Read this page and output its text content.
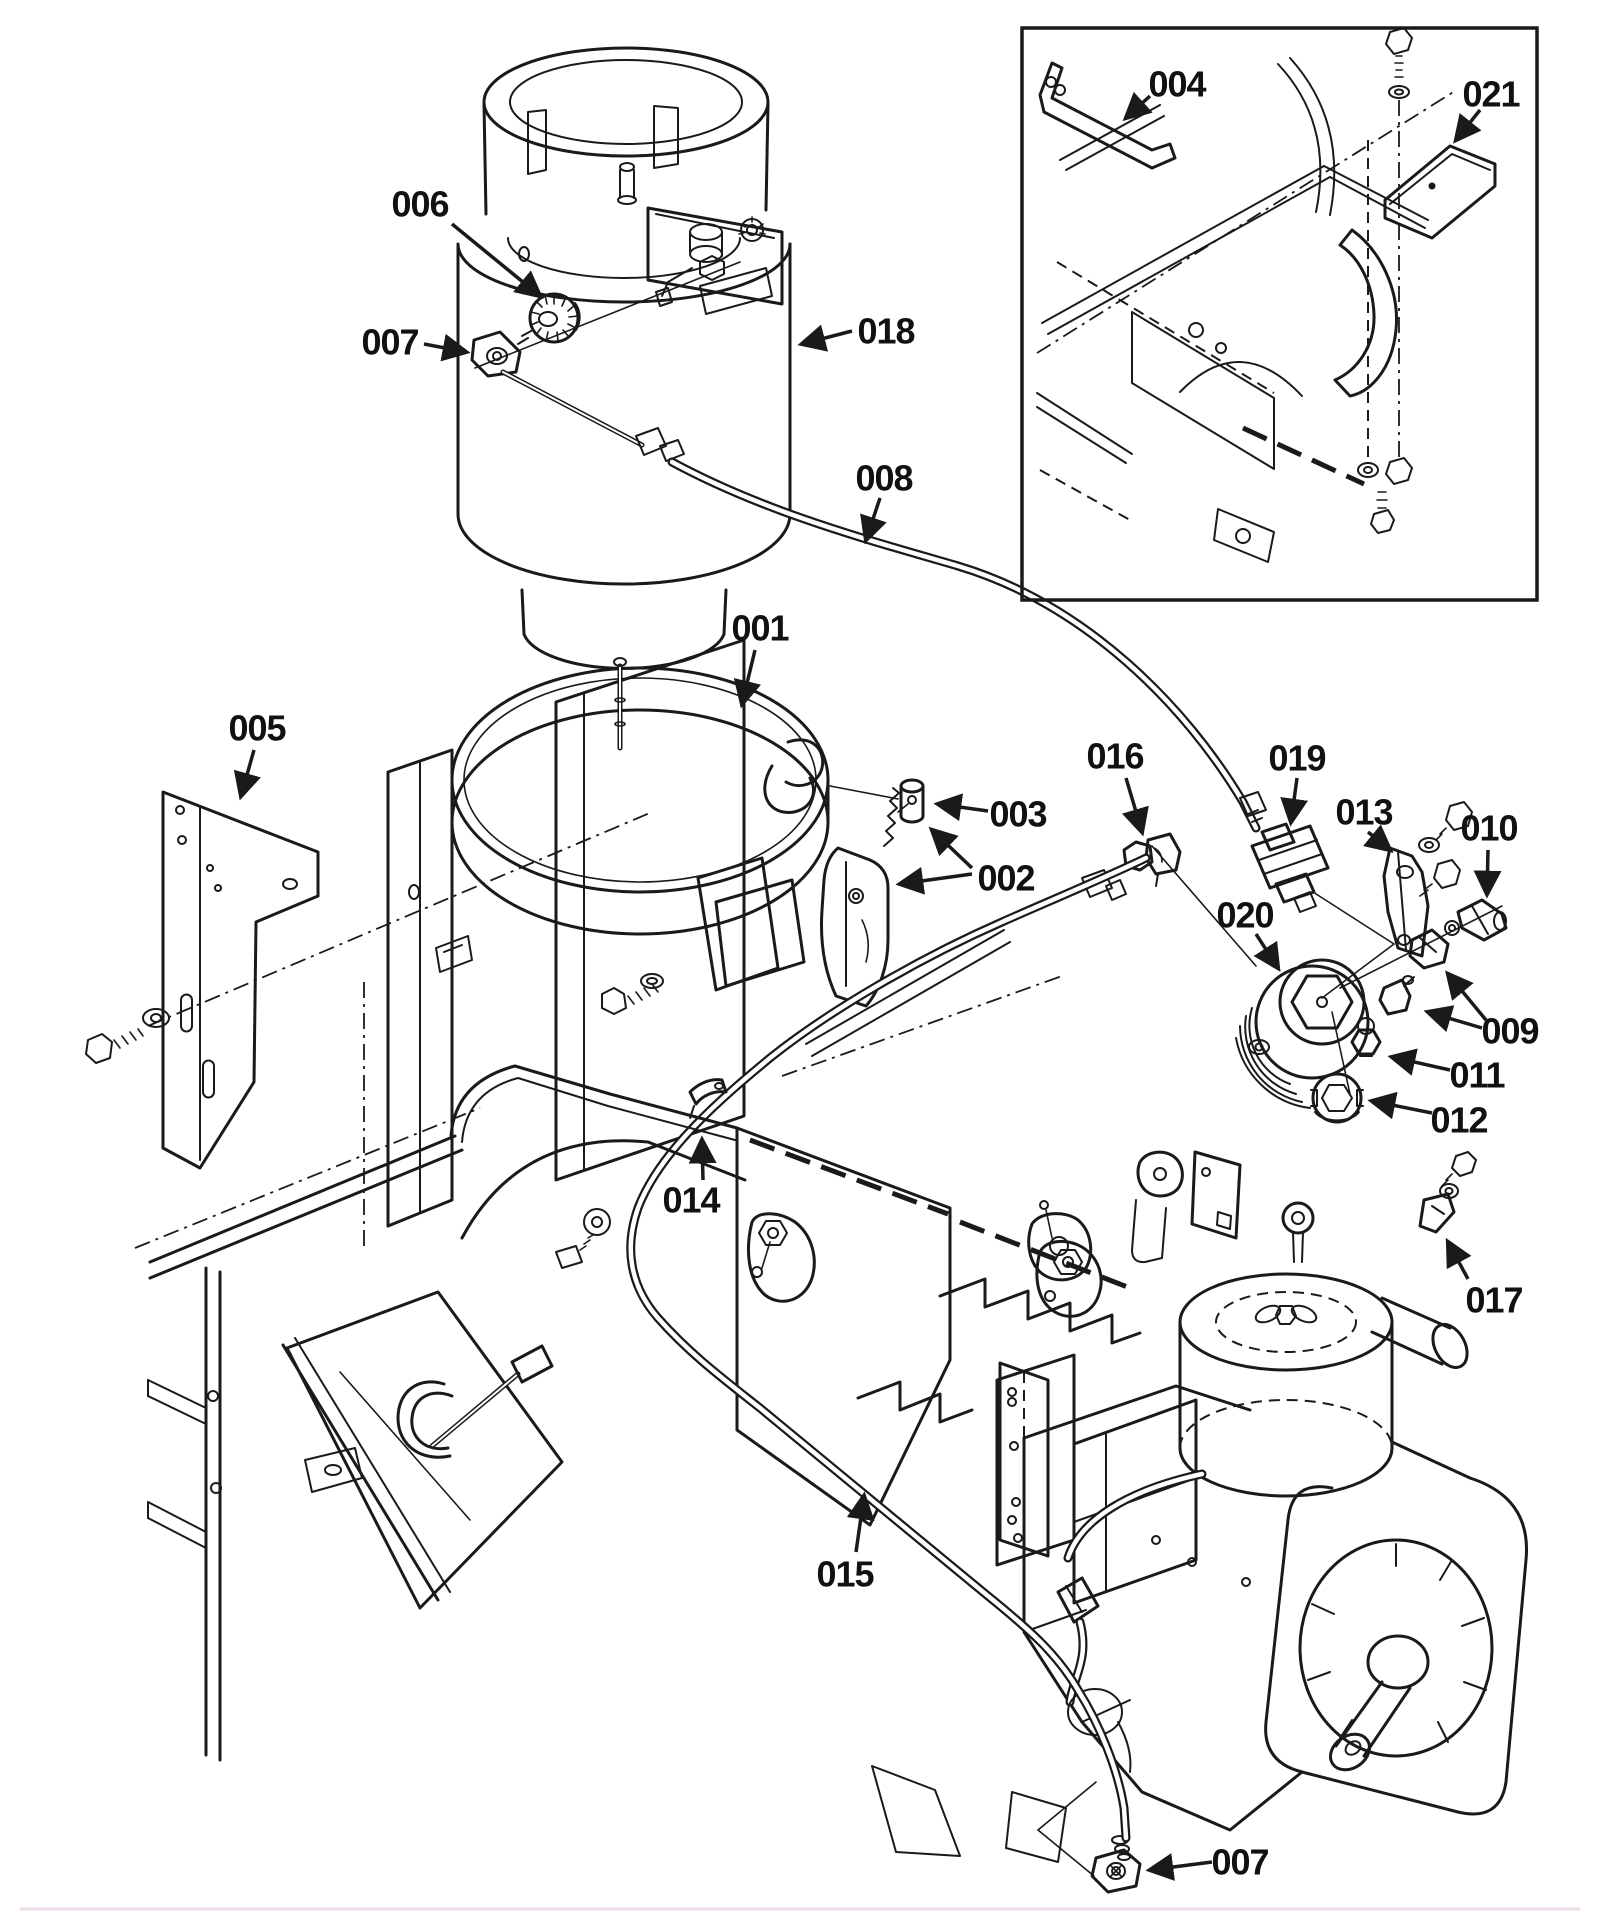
001
002
003
004
005
006
007
008
009
010
011
012
013
014
015
016
017
018
019
020
021
007
